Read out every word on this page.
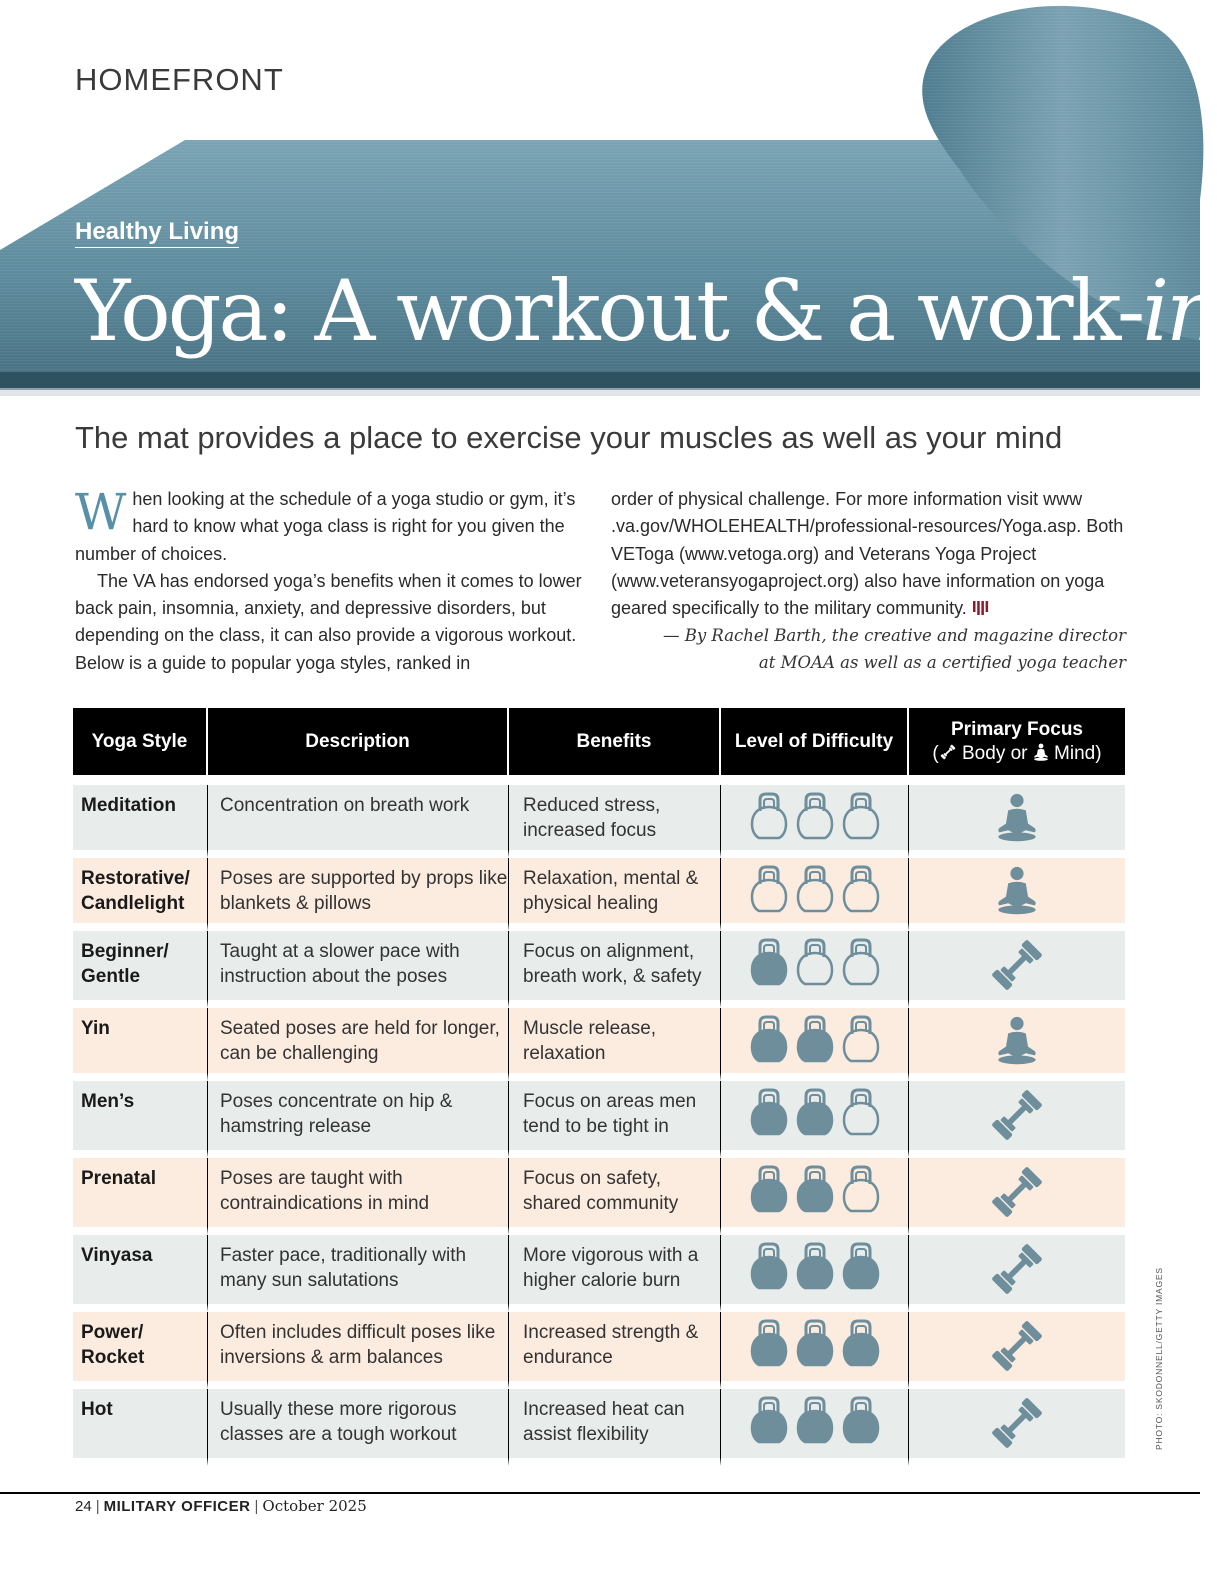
HOMEFRONT
Healthy Living
Yoga: A workout & a work-in
The mat provides a place to exercise your muscles as well as your mind

When looking at the schedule of a yoga studio or gym, it’s hard to know what yoga class is right for you given the number of choices.

The VA has endorsed yoga’s benefits when it comes to lower back pain, insomnia, anxiety, and depressive disorders, but depending on the class, it can also provide a vigorous workout. Below is a guide to popular yoga styles, ranked in

order of physical challenge. For more information visit www .va.gov/WHOLEHEALTH/professional-resources/Yoga.asp. Both VEToga (www.vetoga.org) and Veterans Yoga Project (www.veteransyogaproject.org) also have information on yoga geared specifically to the military community.

— By Rachel Barth, the creative and magazine director
at MOAA as well as a certified yoga teacher
Yoga Style	Description	Benefits	Level of Difficulty	Primary Focus
( Body or  Mind)

Meditation	Concentration on breath work	Reduced stress, increased focus		
Restorative/ Candlelight	Poses are supported by props like blankets & pillows	Relaxation, mental & physical healing		
Beginner/ Gentle	Taught at a slower pace with instruction about the poses	Focus on alignment, breath work, & safety		
Yin	Seated poses are held for longer, can be challenging	Muscle release, relaxation		
Men’s	Poses concentrate on hip & hamstring release	Focus on areas men tend to be tight in		
Prenatal	Poses are taught with contraindications in mind	Focus on safety, shared community		
Vinyasa	Faster pace, traditionally with many sun salutations	More vigorous with a higher calorie burn		
Power/ Rocket	Often includes difficult poses like inversions & arm balances	Increased strength & endurance		
Hot	Usually these more rigorous classes are a tough workout	Increased heat can assist flexibility		
24 | MILITARY OFFICER | October 2025
PHOTO: SKODONNELL/GETTY IMAGES
